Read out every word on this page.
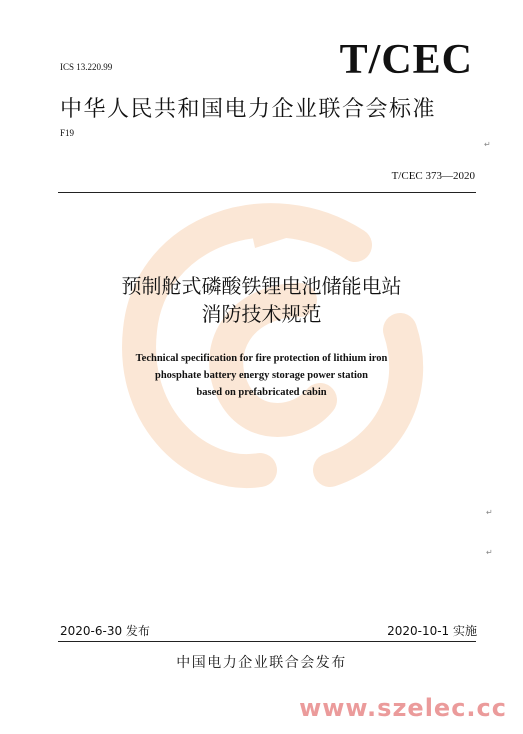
ICS 13.220.99	T/CEC
中华人民共和国电力企业联合会标准
F19
↵
T/CEC 373—2020
预制舱式磷酸铁锂电池储能电站
消防技术规范
Technical specification for fire protection of lithium iron
phosphate battery energy storage power station
based on prefabricated cabin
↵
↵
2020-6-30 发布	2020-10-1 实施
中国电力企业联合会发布
www.szelec.cc
